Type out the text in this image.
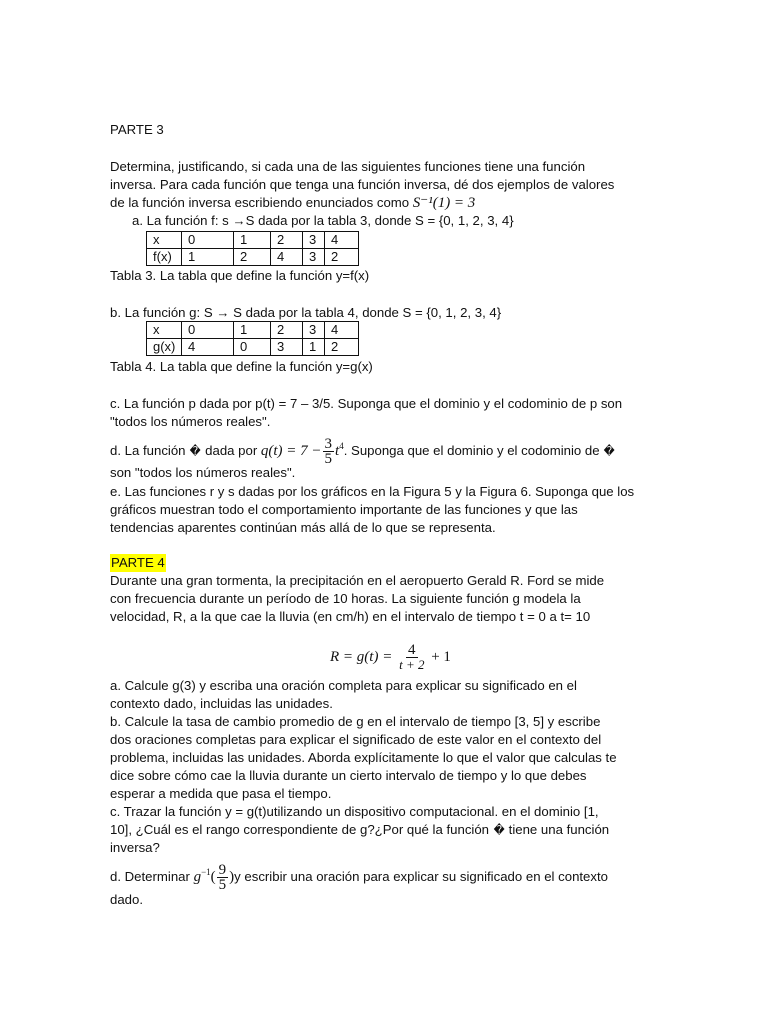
PARTE 3
Determina, justificando, si cada una de las siguientes funciones tiene una función
inversa. Para cada función que tenga una función inversa, dé dos ejemplos de valores
de la función inversa escribiendo enunciados como S⁻¹(1) = 3
a. La función f: s →S dada por la tabla 3, donde S = {0, 1, 2, 3, 4}
x	0	1	2	3	4
f(x)	1	2	4	3	2
Tabla 3. La tabla que define la función y=f(x)
b. La función g: S → S dada por la tabla 4, donde S = {0, 1, 2, 3, 4}
x	0	1	2	3	4
g(x)	4	0	3	1	2
Tabla 4. La tabla que define la función y=g(x)
c. La función p dada por p(t) = 7 – 3/5. Suponga que el dominio y el codominio de p son
"todos los números reales".
d. La función � dada por $q(t) = 7 - \frac{3}{5} t^4$. Suponga que el dominio y el codominio de �
son "todos los números reales".
e. Las funciones r y s dadas por los gráficos en la Figura 5 y la Figura 6. Suponga que los
gráficos muestran todo el comportamiento importante de las funciones y que las
tendencias aparentes continúan más allá de lo que se representa.
PARTE 4
Durante una gran tormenta, la precipitación en el aeropuerto Gerald R. Ford se mide
con frecuencia durante un período de 10 horas. La siguiente función g modela la
velocidad, R, a la que cae la lluvia (en cm/h) en el intervalo de tiempo t = 0 a t= 10
$R = g(t) = \frac{4}{t + 2} + 1$
a. Calcule g(3) y escriba una oración completa para explicar su significado en el
contexto dado, incluidas las unidades.
b. Calcule la tasa de cambio promedio de g en el intervalo de tiempo [3, 5] y escribe
dos oraciones completas para explicar el significado de este valor en el contexto del
problema, incluidas las unidades. Aborda explícitamente lo que el valor que calculas te
dice sobre cómo cae la lluvia durante un cierto intervalo de tiempo y lo que debes
esperar a medida que pasa el tiempo.
c. Trazar la función y = g(t)utilizando un dispositivo computacional. en el dominio [1,
10], ¿Cuál es el rango correspondiente de g?¿Por qué la función � tiene una función
inversa?
d. Determinar $g^{-1}( \frac{9}{5} )y$ escribir una oración para explicar su significado en el contexto
dado.
